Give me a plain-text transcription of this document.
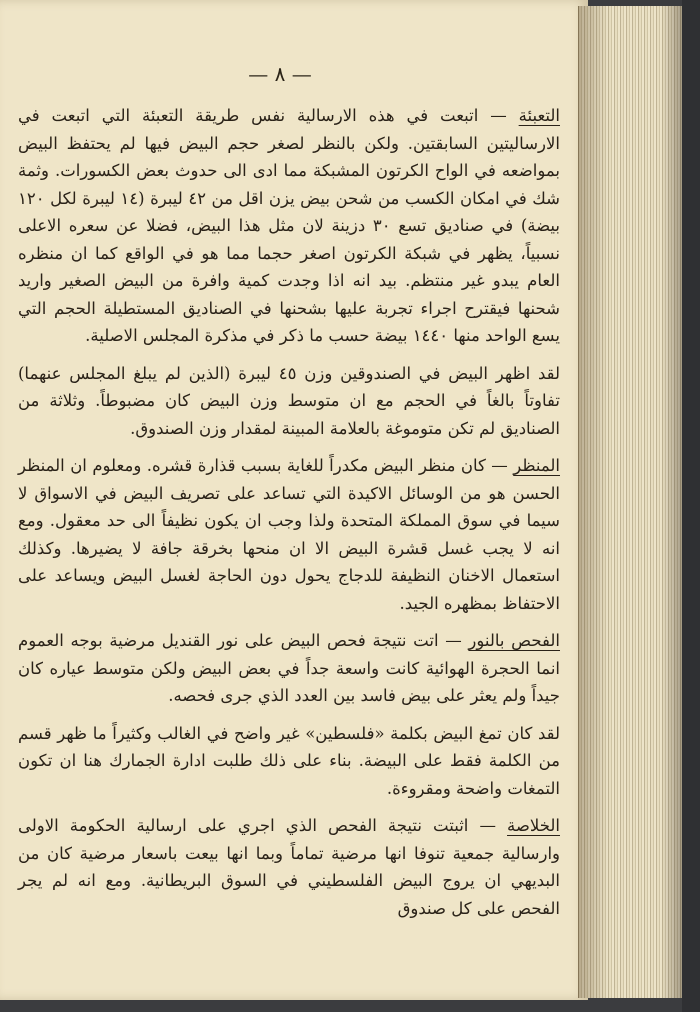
— ٨ —

التعبئة — اتبعت في هذه الارسالية نفس طريقة التعبئة التي اتبعت في الارساليتين السابقتين. ولكن بالنظر لصغر حجم البيض فيها لم يحتفظ البيض بمواضعه في الواح الكرتون المشبكة مما ادى الى حدوث بعض الكسورات. وثمة شك في امكان الكسب من شحن بيض يزن اقل من ٤٢ ليبرة (١٤ ليبرة لكل ١٢٠ بيضة) في صناديق تسع ٣٠ دزينة لان مثل هذا البيض، فضلا عن سعره الاعلى نسبياً، يظهر في شبكة الكرتون اصغر حجما مما هو في الواقع كما ان منظره العام يبدو غير منتظم. بيد انه اذا وجدت كمية وافرة من البيض الصغير واريد شحنها فيقترح اجراء تجربة عليها بشحنها في الصناديق المستطيلة الحجم التي يسع الواحد منها ١٤٤٠ بيضة حسب ما ذكر في مذكرة المجلس الاصلية.

لقد اظهر البيض في الصندوقين وزن ٤٥ ليبرة (الذين لم يبلغ المجلس عنهما) تفاوتاً بالغاً في الحجم مع ان متوسط وزن البيض كان مضبوطاً. وثلاثة من الصناديق لم تكن متوموغة بالعلامة المبينة لمقدار وزن الصندوق.

المنظر — كان منظر البيض مكدراً للغاية بسبب قذارة قشره. ومعلوم ان المنظر الحسن هو من الوسائل الاكيدة التي تساعد على تصريف البيض في الاسواق لا سيما في سوق المملكة المتحدة ولذا وجب ان يكون نظيفاً الى حد معقول. ومع انه لا يجب غسل قشرة البيض الا ان منحها بخرقة جافة لا يضيرها. وكذلك استعمال الاخنان النظيفة للدجاج يحول دون الحاجة لغسل البيض ويساعد على الاحتفاظ بمظهره الجيد.

الفحص بالنور — اتت نتيجة فحص البيض على نور القنديل مرضية بوجه العموم انما الحجرة الهوائية كانت واسعة جداً في بعض البيض ولكن متوسط عياره كان جيداً ولم يعثر على بيض فاسد بين العدد الذي جرى فحصه.

لقد كان تمغ البيض بكلمة «فلسطين» غير واضح في الغالب وكثيراً ما ظهر قسم من الكلمة فقط على البيضة. بناء على ذلك طلبت ادارة الجمارك هنا ان تكون التمغات واضحة ومقروءة.

الخلاصة — اثبتت نتيجة الفحص الذي اجري على ارسالية الحكومة الاولى وارسالية جمعية تنوفا انها مرضية تماماً وبما انها بيعت باسعار مرضية كان من البديهي ان يروج البيض الفلسطيني في السوق البريطانية. ومع انه لم يجر الفحص على كل صندوق
